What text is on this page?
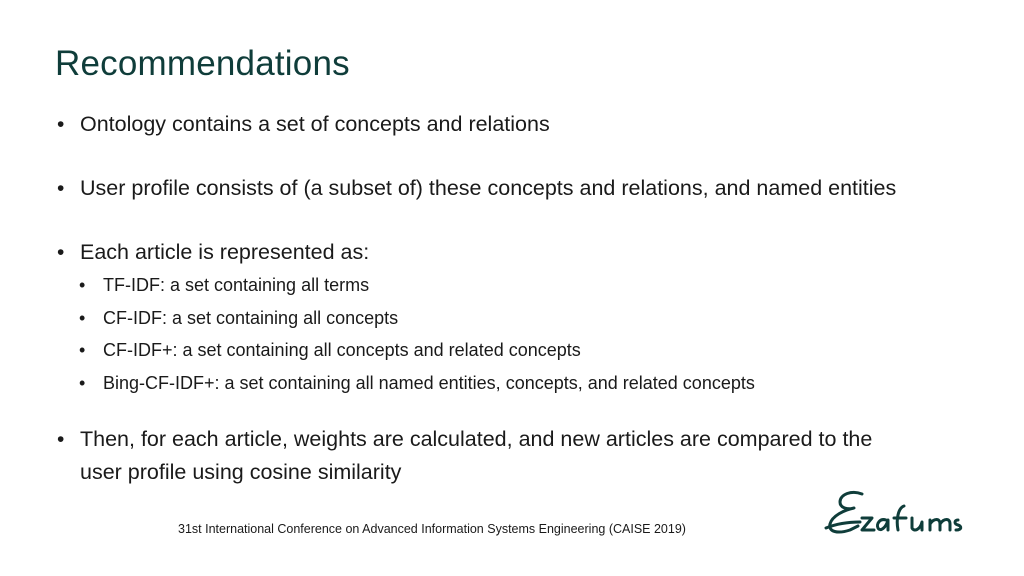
Recommendations
• Ontology contains a set of concepts and relations
• User profile consists of (a subset of) these concepts and relations, and named entities
• Each article is represented as:
• TF-IDF: a set containing all terms
• CF-IDF: a set containing all concepts
• CF-IDF+: a set containing all concepts and related concepts
• Bing-CF-IDF+: a set containing all named entities, concepts, and related concepts
• Then, for each article, weights are calculated, and new articles are compared to the
user profile using cosine similarity
31st International Conference on Advanced Information Systems Engineering (CAISE 2019)
